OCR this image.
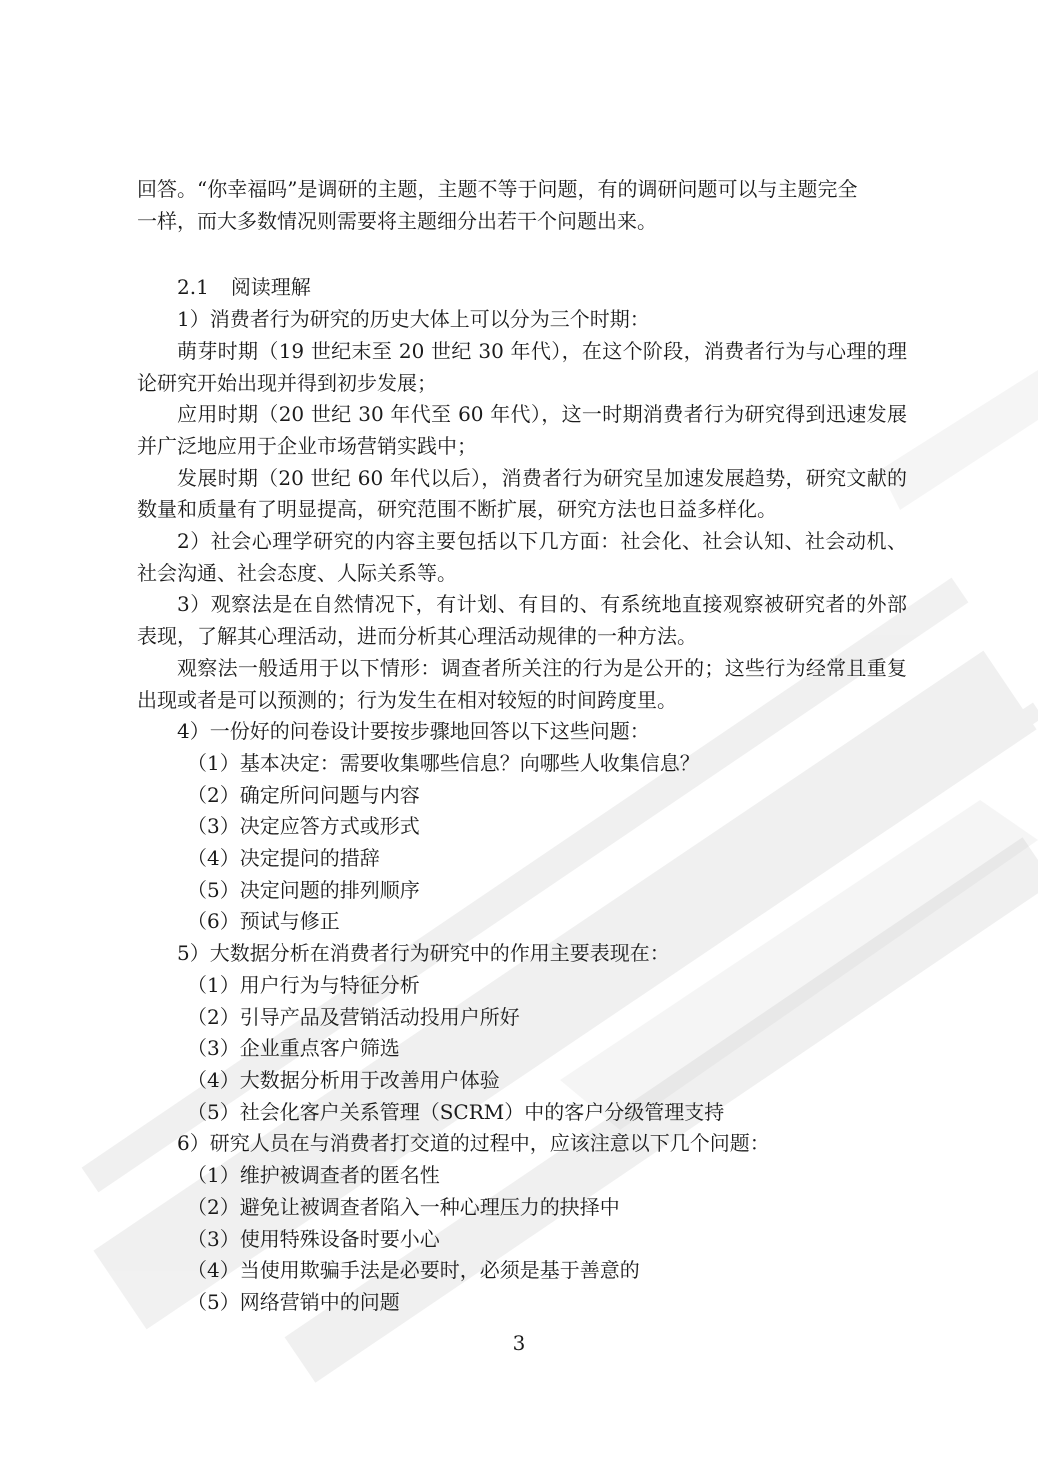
回答。“你幸福吗”是调研的主题，主题不等于问题，有的调研问题可以与主题完全

一样，而大多数情况则需要将主题细分出若干个问题出来。

2.1 阅读理解

1）消费者行为研究的历史大体上可以分为三个时期：

萌芽时期（19 世纪末至 20 世纪 30 年代），在这个阶段，消费者行为与心理的理论研究开始出现并得到初步发展；

应用时期（20 世纪 30 年代至 60 年代），这一时期消费者行为研究得到迅速发展并广泛地应用于企业市场营销实践中；

发展时期（20 世纪 60 年代以后），消费者行为研究呈加速发展趋势，研究文献的数量和质量有了明显提高，研究范围不断扩展，研究方法也日益多样化。

2）社会心理学研究的内容主要包括以下几方面：社会化、社会认知、社会动机、社会沟通、社会态度、人际关系等。

3）观察法是在自然情况下，有计划、有目的、有系统地直接观察被研究者的外部表现，了解其心理活动，进而分析其心理活动规律的一种方法。

观察法一般适用于以下情形：调查者所关注的行为是公开的；这些行为经常且重复出现或者是可以预测的；行为发生在相对较短的时间跨度里。

4）一份好的问卷设计要按步骤地回答以下这些问题：

（1）基本决定：需要收集哪些信息？向哪些人收集信息？

（2）确定所问问题与内容

（3）决定应答方式或形式

（4）决定提问的措辞

（5）决定问题的排列顺序

（6）预试与修正

5）大数据分析在消费者行为研究中的作用主要表现在：

（1）用户行为与特征分析

（2）引导产品及营销活动投用户所好

（3）企业重点客户筛选

（4）大数据分析用于改善用户体验

（5）社会化客户关系管理（SCRM）中的客户分级管理支持

6）研究人员在与消费者打交道的过程中，应该注意以下几个问题：

（1）维护被调查者的匿名性

（2）避免让被调查者陷入一种心理压力的抉择中

（3）使用特殊设备时要小心

（4）当使用欺骗手法是必要时，必须是基于善意的

（5）网络营销中的问题

3
